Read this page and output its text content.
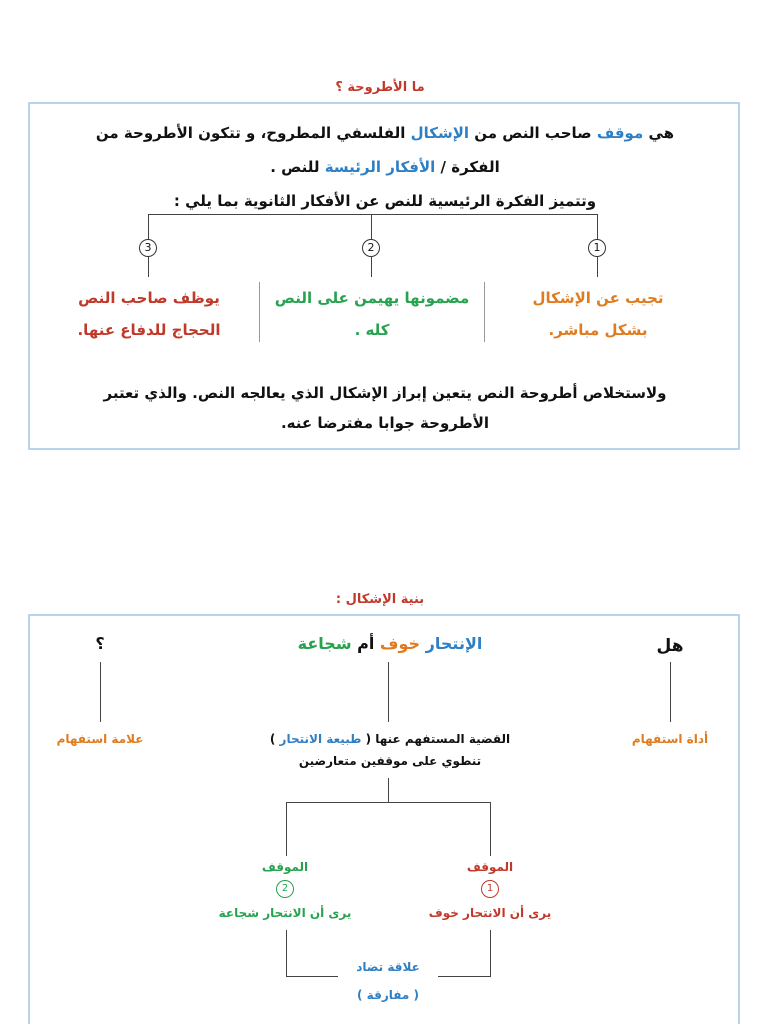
ما الأطروحة ؟
هي موقف صاحب النص من الإشكال الفلسفي المطروح، و تتكون الأطروحة من
الفكرة / الأفكار الرئيسة للنص .
وتتميز الفكرة الرئيسية للنص عن الأفكار الثانوية بما يلي :
3	2	1
يوظف صاحب النص
الحجاج للدفاع عنها.
مضمونها يهيمن على النص
كله .
تجيب عن الإشكال
بشكل مباشر.
ولاستخلاص أطروحة النص يتعين إبراز الإشكال الذي يعالجه النص. والذي تعتبر
الأطروحة جوابا مفترضا عنه.
بنية الإشكال :
هل
الإنتحار خوف أم شجاعة
؟
أداة استفهام
علامة استفهام	القضية المستفهم عنها ( طبيعة الانتحار )
تنطوي على موقفين متعارضين
الموقف
1
يرى أن الانتحار خوف
الموقف
2
يرى أن الانتحار شجاعة
علاقة تضاد
( مفارقة )
